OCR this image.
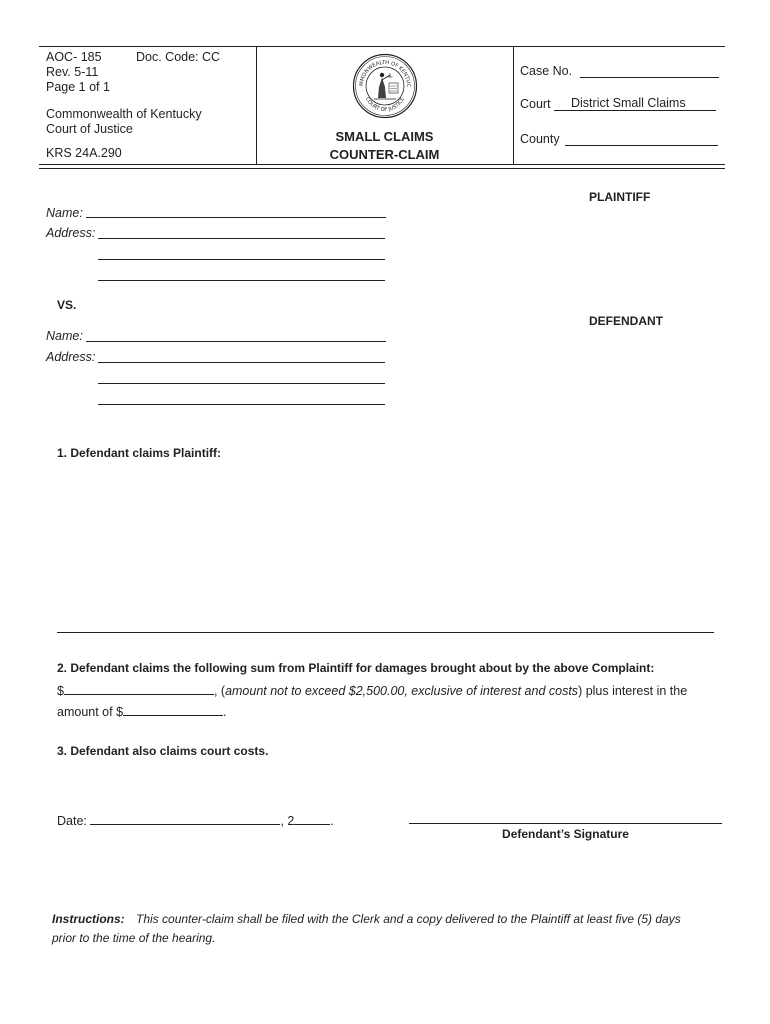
AOC- 185	Doc. Code: CC
Rev. 5-11
Page 1 of 1
Commonwealth of Kentucky
Court of Justice
KRS 24A.290
MMONWEALTH OF KENTUC
COURT OF JUSTICE
SMALL CLAIMS
COUNTER-CLAIM
Case No.
Court District Small Claims
County
PLAINTIFF
Name:
Address:
VS.
DEFENDANT
Name:
Address:
1. Defendant claims Plaintiff:
2. Defendant claims the following sum from Plaintiff for damages brought about by the above Complaint:
$	, (amount not to exceed $2,500.00, exclusive of interest and costs) plus interest in the
amount of $	.
3. Defendant also claims court costs.
Date:	, 2	.
Defendant’s Signature
Instructions: This counter-claim shall be filed with the Clerk and a copy delivered to the Plaintiff at least five (5) days
prior to the time of the hearing.
